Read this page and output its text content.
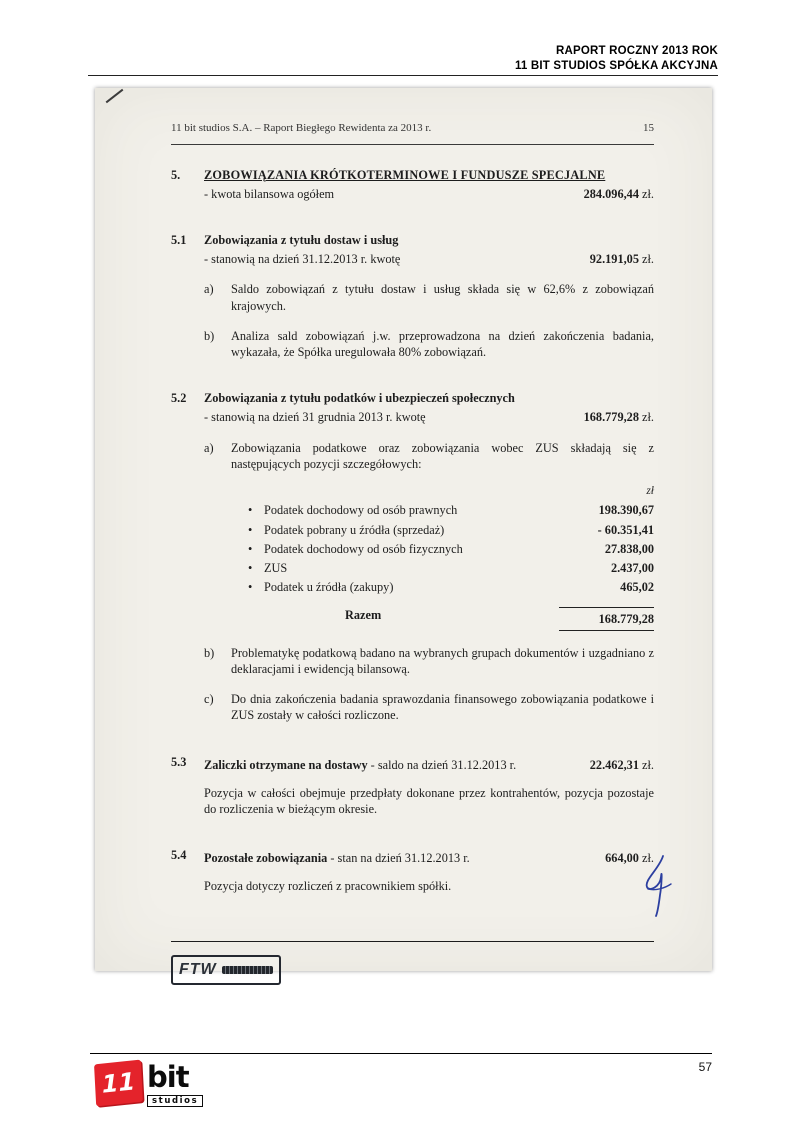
RAPORT ROCZNY 2013 ROK
11 BIT STUDIOS SPÓŁKA AKCYJNA
11 bit studios S.A. – Raport Biegłego Rewidenta za 2013 r.	15
5.	ZOBOWIĄZANIA KRÓTKOTERMINOWE I FUNDUSZE SPECJALNE
- kwota bilansowa ogółem	284.096,44 zł.
5.1	Zobowiązania z tytułu dostaw i usług
- stanowią na dzień 31.12.2013 r. kwotę	92.191,05 zł.
a)	Saldo zobowiązań z tytułu dostaw i usług składa się w 62,6% z zobowiązań krajowych.

b)	Analiza sald zobowiązań j.w. przeprowadzona na dzień zakończenia badania, wykazała, że Spółka uregulowała 80% zobowiązań.

5.2	Zobowiązania z tytułu podatków i ubezpieczeń społecznych
- stanowią na dzień 31 grudnia 2013 r. kwotę	168.779,28 zł.
a)	Zobowiązania podatkowe oraz zobowiązania wobec ZUS składają się z następujących pozycji szczegółowych:

zł
• Podatek dochodowy od osób prawnych	198.390,67
• Podatek pobrany u źródła (sprzedaż)	- 60.351,41
• Podatek dochodowy od osób fizycznych	27.838,00
• ZUS	2.437,00
• Podatek u źródła (zakupy)	465,02
Razem	168.779,28
b)	Problematykę podatkową badano na wybranych grupach dokumentów i uzgadniano z deklaracjami i ewidencją bilansową.

c)	Do dnia zakończenia badania sprawozdania finansowego zobowiązania podatkowe i ZUS zostały w całości rozliczone.

5.3	Zaliczki otrzymane na dostawy - saldo na dzień 31.12.2013 r.	22.462,31 zł.

Pozycja w całości obejmuje przedpłaty dokonane przez kontrahentów, pozycja pozostaje do rozliczenia w bieżącym okresie.

5.4	Pozostałe zobowiązania - stan na dzień 31.12.2013 r.	664,00 zł.

Pozycja dotyczy rozliczeń z pracownikiem spółki.

FTW
57
11 bit
studios
